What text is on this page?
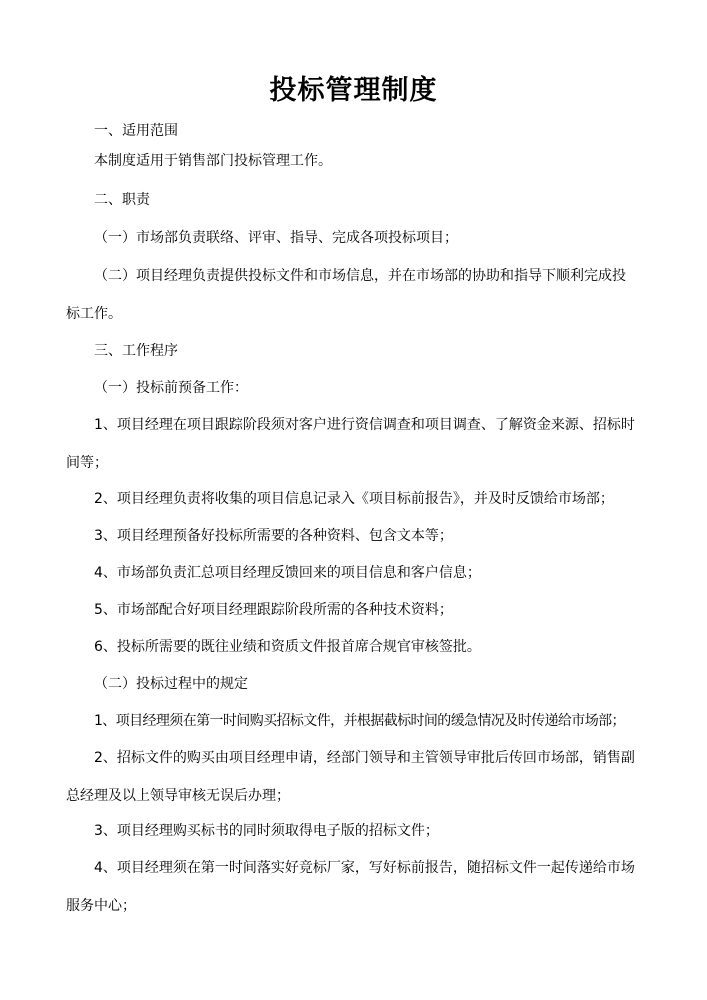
投标管理制度

一、适用范围

本制度适用于销售部门投标管理工作。

二、职责

（一）市场部负责联络、评审、指导、完成各项投标项目；

（二）项目经理负责提供投标文件和市场信息，并在市场部的协助和指导下顺利完成投
标工作。

三、工作程序

（一）投标前预备工作：

1、项目经理在项目跟踪阶段须对客户进行资信调查和项目调查、了解资金来源、招标时
间等；

2、项目经理负责将收集的项目信息记录入《项目标前报告》，并及时反馈给市场部；

3、项目经理预备好投标所需要的各种资料、包含文本等；

4、市场部负责汇总项目经理反馈回来的项目信息和客户信息；

5、市场部配合好项目经理跟踪阶段所需的各种技术资料；

6、投标所需要的既往业绩和资质文件报首席合规官审核签批。

（二）投标过程中的规定

1、项目经理须在第一时间购买招标文件，并根据截标时间的缓急情况及时传递给市场部；

2、招标文件的购买由项目经理申请，经部门领导和主管领导审批后传回市场部，销售副
总经理及以上领导审核无误后办理；

3、项目经理购买标书的同时须取得电子版的招标文件；

4、项目经理须在第一时间落实好竞标厂家，写好标前报告，随招标文件一起传递给市场
服务中心；
